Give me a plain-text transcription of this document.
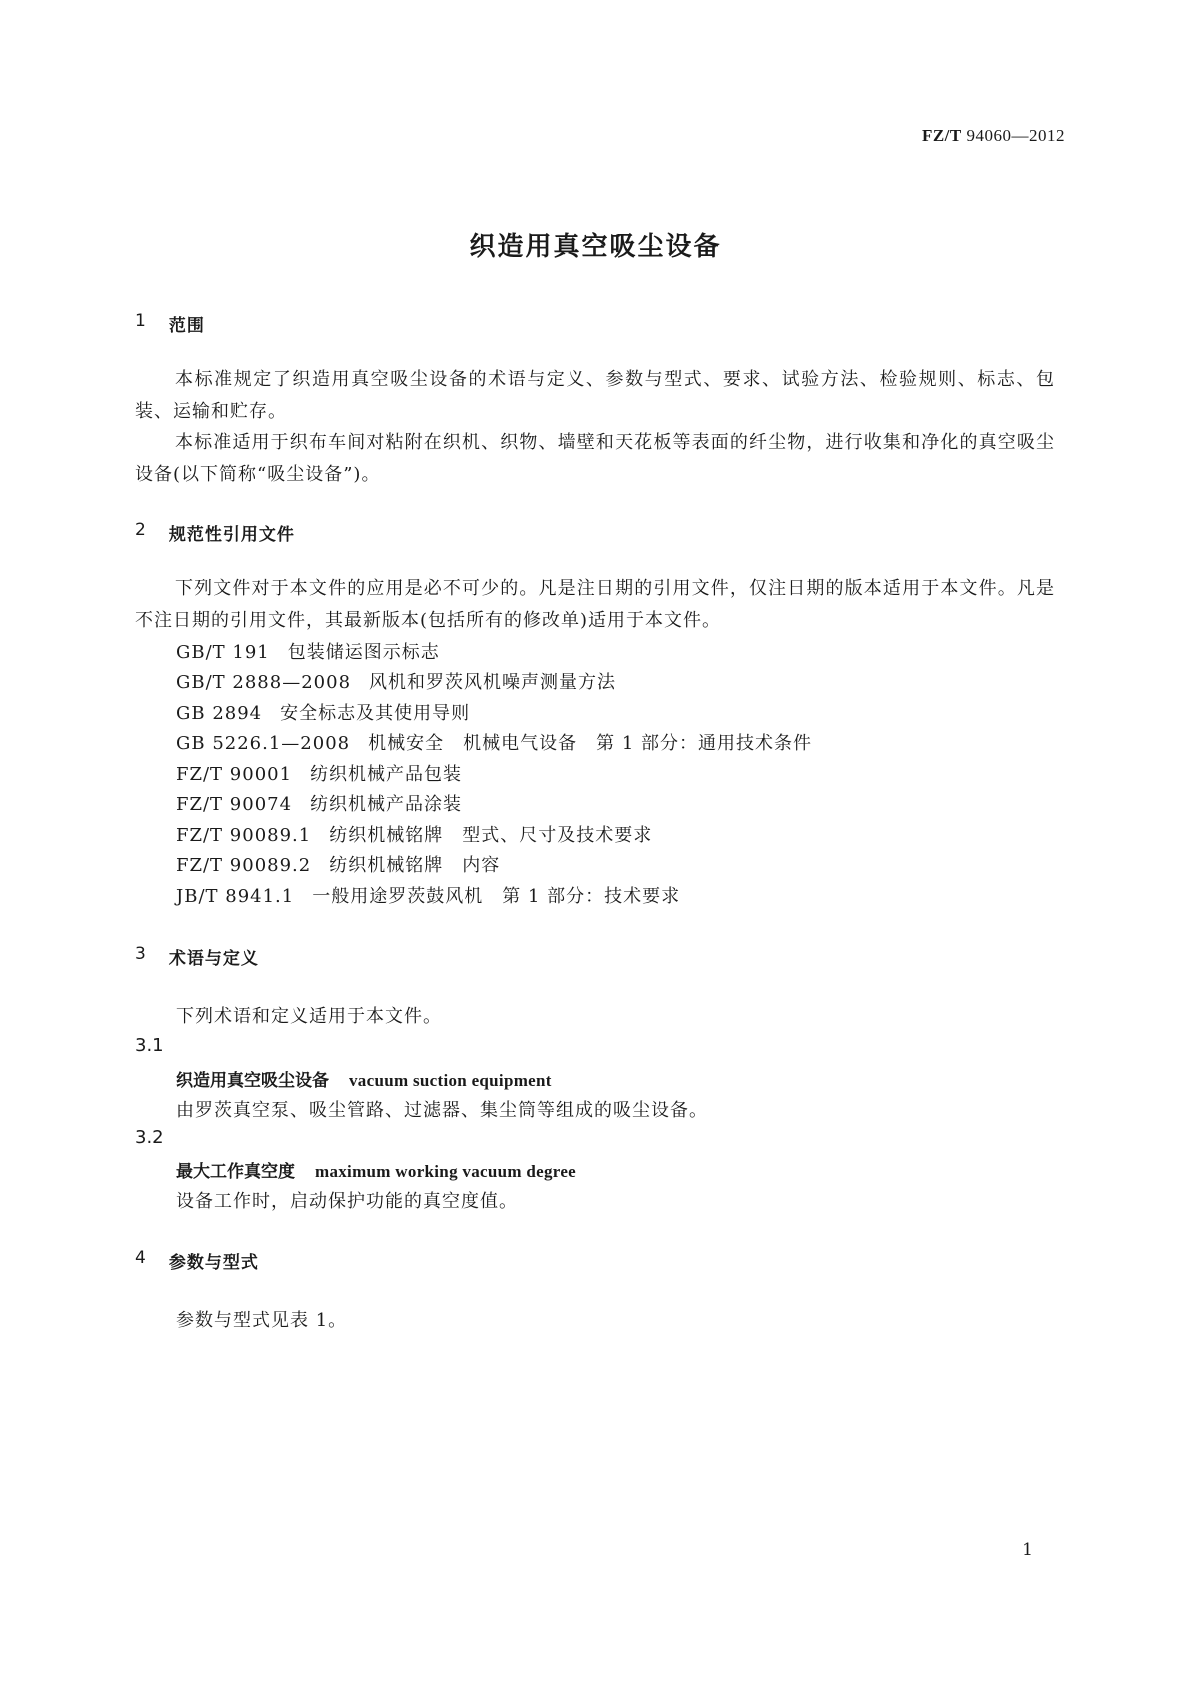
FZ/T 94060—2012
织造用真空吸尘设备
1 范围
本标准规定了织造用真空吸尘设备的术语与定义、参数与型式、要求、试验方法、检验规则、标志、包装、运输和贮存。
本标准适用于织布车间对粘附在织机、织物、墙壁和天花板等表面的纤尘物，进行收集和净化的真空吸尘设备(以下简称“吸尘设备”)。
2 规范性引用文件
下列文件对于本文件的应用是必不可少的。凡是注日期的引用文件，仅注日期的版本适用于本文件。凡是不注日期的引用文件，其最新版本(包括所有的修改单)适用于本文件。
GB/T 191 包装储运图示标志
GB/T 2888—2008 风机和罗茨风机噪声测量方法
GB 2894 安全标志及其使用导则
GB 5226.1—2008 机械安全　机械电气设备　第 1 部分：通用技术条件
FZ/T 90001 纺织机械产品包装
FZ/T 90074 纺织机械产品涂装
FZ/T 90089.1 纺织机械铭牌　型式、尺寸及技术要求
FZ/T 90089.2 纺织机械铭牌　内容
JB/T 8941.1 一般用途罗茨鼓风机　第 1 部分：技术要求
3 术语与定义
下列术语和定义适用于本文件。
3.1
织造用真空吸尘设备 vacuum suction equipment
由罗茨真空泵、吸尘管路、过滤器、集尘筒等组成的吸尘设备。
3.2
最大工作真空度 maximum working vacuum degree
设备工作时，启动保护功能的真空度值。
4 参数与型式
参数与型式见表 1。
1
